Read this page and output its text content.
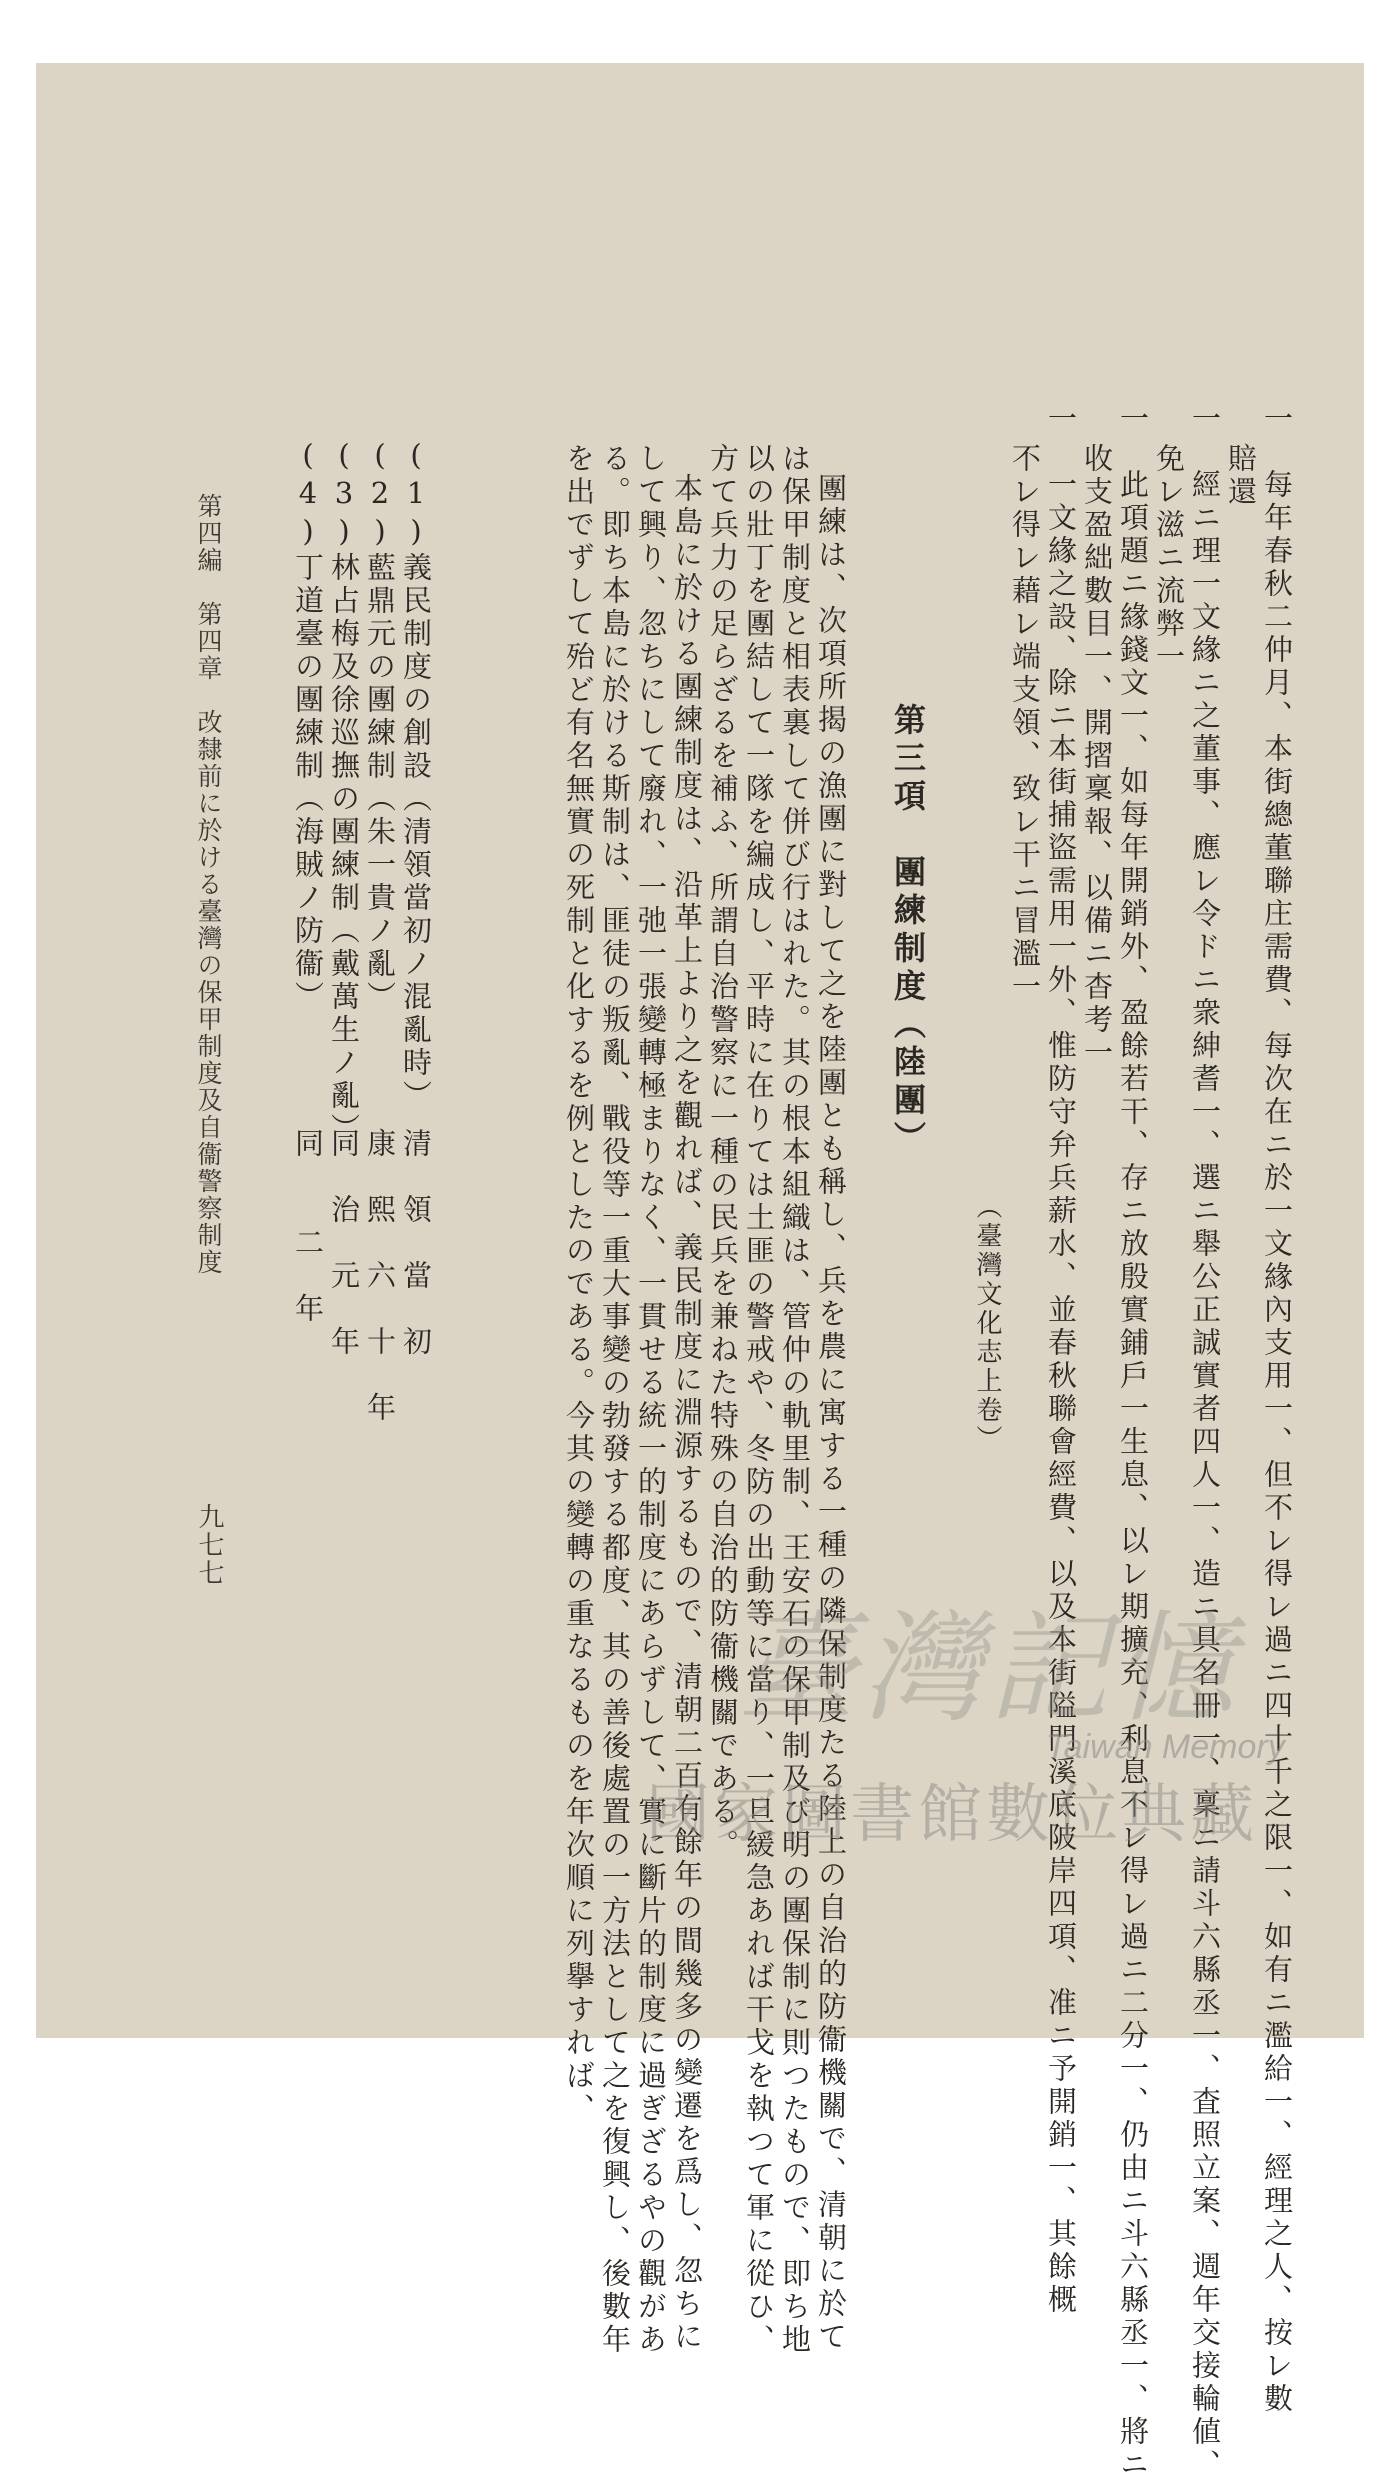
一　每年春秋二仲月、本街總董聯庄需費、每次在ニ於一文緣內支用一、但不レ得レ過ニ四十千之限一、如有ニ濫給一、經理之人、按レ數
賠還
一　經ニ理一文緣ニ之董事、應レ令ドニ衆紳耆一、選ニ舉公正誠實者四人一、造ニ具名冊一、稟ニ請斗六縣丞一、査照立案、週年交接輪値、
免レ滋ニ流弊一
一　此項題ニ緣錢文一、如每年開銷外、盈餘若干、存ニ放殷實鋪戶一生息、以レ期擴充、利息不レ得レ過ニ二分一、仍由ニ斗六縣丞一、將ニ
收支盈絀數目一、開摺稟報、以備ニ杳考一
一　一文緣之設、除ニ本街捕盜需用一外、惟防守弁兵薪水、並春秋聯會經費、以及本街隘門溪底陂岸四項、准ニ予開銷一、其餘概
不レ得レ藉レ端支領、致レ干ニ冒濫一
（臺灣文化志上卷）
第三項　團練制度（陸團）
團練は、次項所揭の漁團に對して之を陸團とも稱し、兵を農に寓する一種の隣保制度たる陸上の自治的防衞機關で、清朝に於て
は保甲制度と相表裏して併び行はれた。其の根本組織は、管仲の軌里制、王安石の保甲制及び明の團保制に則つたもので、即ち地
以の壯丁を團結して一隊を編成し、平時に在りては土匪の警戒や、冬防の出動等に當り、一旦緩急あれば干戈を執つて軍に從ひ、
方て兵力の足らざるを補ふ、所謂自治警察に一種の民兵を兼ねた特殊の自治的防衞機關である。
本島に於ける團練制度は、沿革上より之を觀れば、義民制度に淵源するもので、清朝二百有餘年の間幾多の變遷を爲し、忽ちに
して興り、忽ちにして廢れ、一弛一張變轉極まりなく、一貫せる統一的制度にあらずして、實に斷片的制度に過ぎざるやの觀があ
る。即ち本島に於ける斯制は、匪徒の叛亂、戰役等一重大事變の勃發する都度、其の善後處置の一方法として之を復興し、後數年
を出でずして殆ど有名無實の死制と化するを例としたのである。今其の變轉の重なるものを年次順に列擧すれば、
(1)義民制度の創設（清領當初ノ混亂時）
(2)藍鼎元の團練制（朱一貴ノ亂）
(3)林占梅及徐巡撫の團練制（戴萬生ノ亂）
(4)丁道臺の團練制（海賊ノ防衞）
清　領　當　初
康　熙　六　十　年
同　治　元　年
同　　二　年
第四編　第四章　改隸前に於ける臺灣の保甲制度及自衞警察制度
九七七
臺灣記憶
Taiwan Memory
國家圖書館數位典藏
